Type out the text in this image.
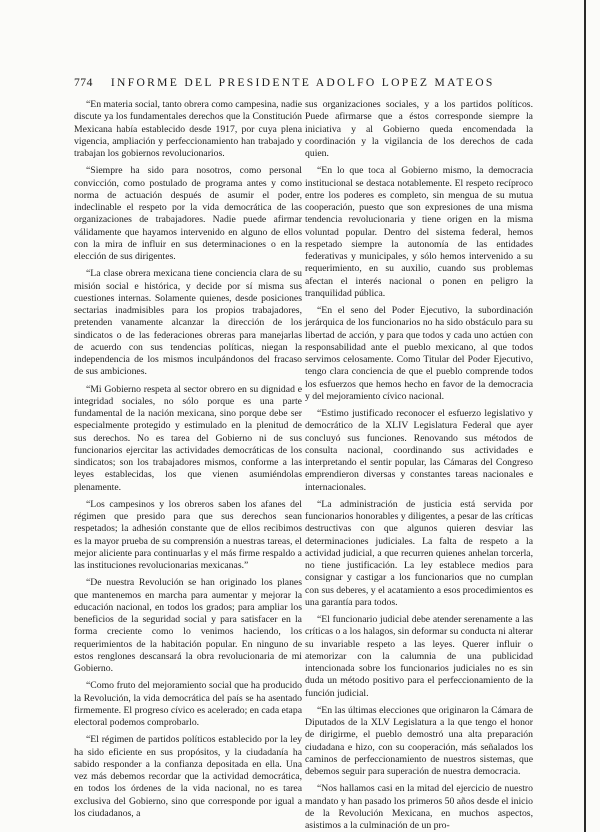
774 INFORME DEL PRESIDENTE ADOLFO LOPEZ MATEOS

“En materia social, tanto obrera como campesina, nadie discute ya los fundamentales derechos que la Constitución Mexicana había establecido desde 1917, por cuya plena vigencia, ampliación y perfeccionamiento han trabajado y trabajan los gobiernos revolucionarios.

“Siempre ha sido para nosotros, como personal convicción, como postulado de programa antes y como norma de actuación después de asumir el poder, indeclinable el respeto por la vida democrática de las organizaciones de trabajadores. Nadie puede afirmar válidamente que hayamos intervenido en alguno de ellos con la mira de influir en sus determinaciones o en la elección de sus dirigentes.

“La clase obrera mexicana tiene conciencia clara de su misión social e histórica, y decide por sí misma sus cuestiones internas. Solamente quienes, desde posiciones sectarias inadmisibles para los propios trabajadores, pretenden vanamente alcanzar la dirección de los sindicatos o de las federaciones obreras para manejarlas de acuerdo con sus tendencias políticas, niegan la independencia de los mismos inculpándonos del fracaso de sus ambiciones.

“Mi Gobierno respeta al sector obrero en su dignidad e integridad sociales, no sólo porque es una parte fundamental de la nación mexicana, sino porque debe ser especialmente protegido y estimulado en la plenitud de sus derechos. No es tarea del Gobierno ni de sus funcionarios ejercitar las actividades democráticas de los sindicatos; son los trabajadores mismos, conforme a las leyes establecidas, los que vienen asumiéndolas plenamente.

“Los campesinos y los obreros saben los afanes del régimen que presido para que sus derechos sean respetados; la adhesión constante que de ellos recibimos es la mayor prueba de su comprensión a nuestras tareas, el mejor aliciente para continuarlas y el más firme respaldo a las instituciones revolucionarias mexicanas.”

“De nuestra Revolución se han originado los planes que mantenemos en marcha para aumentar y mejorar la educación nacional, en todos los grados; para ampliar los beneficios de la seguridad social y para satisfacer en la forma creciente como lo venimos haciendo, los requerimientos de la habitación popular. En ninguno de estos renglones descansará la obra revolucionaria de mi Gobierno.

“Como fruto del mejoramiento social que ha producido la Revolución, la vida democrática del país se ha asentado firmemente. El progreso cívico es acelerado; en cada etapa electoral podemos comprobarlo.

“El régimen de partidos políticos establecido por la ley ha sido eficiente en sus propósitos, y la ciudadanía ha sabido responder a la confianza depositada en ella. Una vez más debemos recordar que la actividad democrática, en todos los órdenes de la vida nacional, no es tarea exclusiva del Gobierno, sino que corresponde por igual a los ciudadanos, a

sus organizaciones sociales, y a los partidos políticos. Puede afirmarse que a éstos corresponde siempre la iniciativa y al Gobierno queda encomendada la coordinación y la vigilancia de los derechos de cada quien.

“En lo que toca al Gobierno mismo, la democracia institucional se destaca notablemente. El respeto recíproco entre los poderes es completo, sin mengua de su mutua cooperación, puesto que son expresiones de una misma tendencia revolucionaria y tiene origen en la misma voluntad popular. Dentro del sistema federal, hemos respetado siempre la autonomía de las entidades federativas y municipales, y sólo hemos intervenido a su requerimiento, en su auxilio, cuando sus problemas afectan el interés nacional o ponen en peligro la tranquilidad pública.

“En el seno del Poder Ejecutivo, la subordinación jerárquica de los funcionarios no ha sido obstáculo para su libertad de acción, y para que todos y cada uno actúen con responsabilidad ante el pueblo mexicano, al que todos servimos celosamente. Como Titular del Poder Ejecutivo, tengo clara conciencia de que el pueblo comprende todos los esfuerzos que hemos hecho en favor de la democracia y del mejoramiento cívico nacional.

“Estimo justificado reconocer el esfuerzo legislativo y democrático de la XLIV Legislatura Federal que ayer concluyó sus funciones. Renovando sus métodos de consulta nacional, coordinando sus actividades e interpretando el sentir popular, las Cámaras del Congreso emprendieron diversas y constantes tareas nacionales e internacionales.

“La administración de justicia está servida por funcionarios honorables y diligentes, a pesar de las críticas destructivas con que algunos quieren desviar las determinaciones judiciales. La falta de respeto a la actividad judicial, a que recurren quienes anhelan torcerla, no tiene justificación. La ley establece medios para consignar y castigar a los funcionarios que no cumplan con sus deberes, y el acatamiento a esos procedimientos es una garantía para todos.

“El funcionario judicial debe atender serenamente a las críticas o a los halagos, sin deformar su conducta ni alterar su invariable respeto a las leyes. Querer influir o atemorizar con la calumnia de una publicidad intencionada sobre los funcionarios judiciales no es sin duda un método positivo para el perfeccionamiento de la función judicial.

“En las últimas elecciones que originaron la Cámara de Diputados de la XLV Legislatura a la que tengo el honor de dirigirme, el pueblo demostró una alta preparación ciudadana e hizo, con su cooperación, más señalados los caminos de perfeccionamiento de nuestros sistemas, que debemos seguir para superación de nuestra democracia.

“Nos hallamos casi en la mitad del ejercicio de nuestro mandato y han pasado los primeros 50 años desde el inicio de la Revolución Mexicana, en muchos aspectos, asistimos a la culminación de un pro-
